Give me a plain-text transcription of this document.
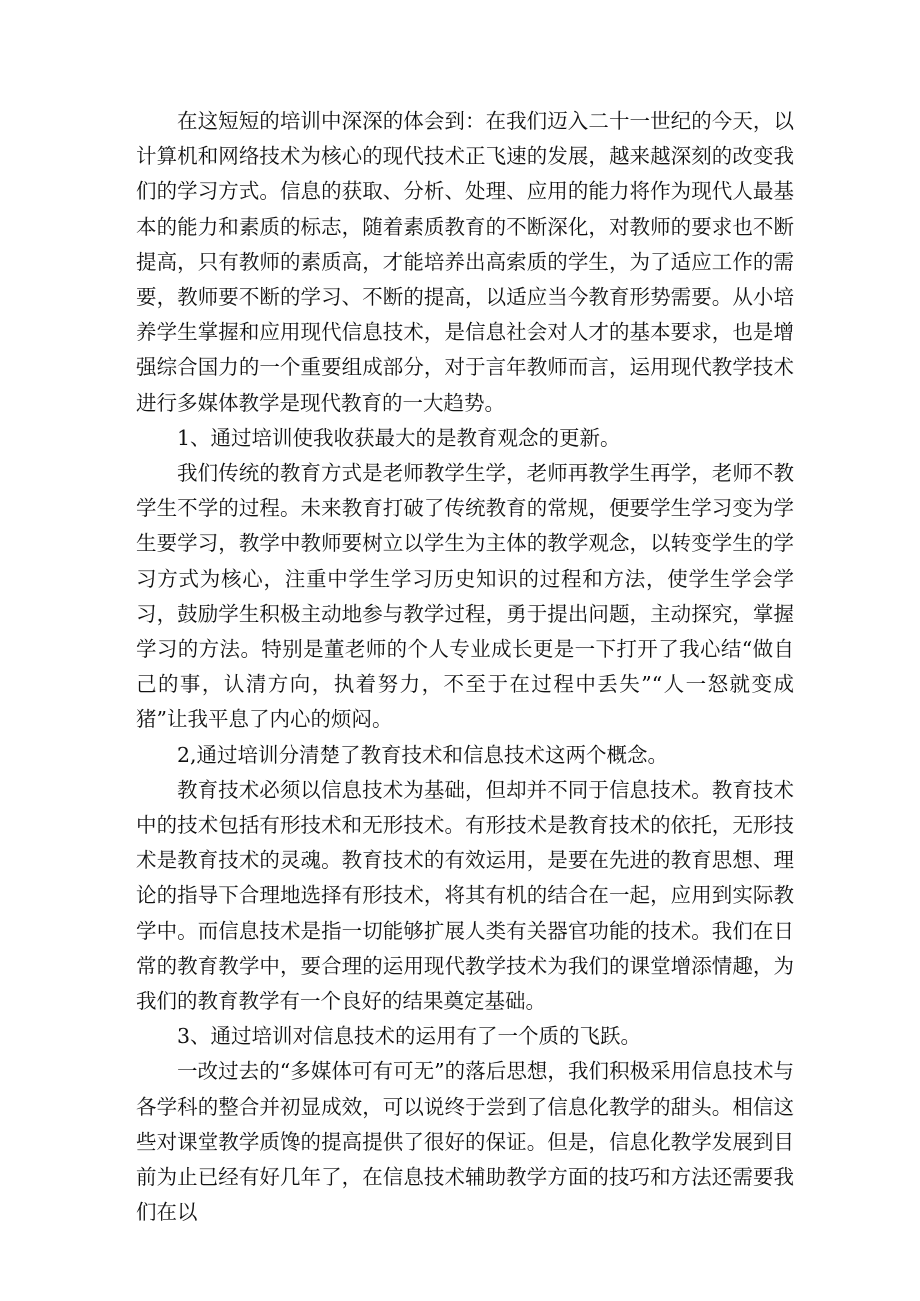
在这短短的培训中深深的体会到：在我们迈入二十一世纪的今天，以计算机和网络技术为核心的现代技术正飞速的发展，越来越深刻的改变我们的学习方式。信息的获取、分析、处理、应用的能力将作为现代人最基本的能力和素质的标志，随着素质教育的不断深化，对教师的要求也不断提高，只有教师的素质高，才能培养出高索质的学生，为了适应工作的需要，教师要不断的学习、不断的提高，以适应当今教育形势需要。从小培养学生掌握和应用现代信息技术，是信息社会对人才的基本要求，也是增强综合国力的一个重要组成部分，对于言年教师而言，运用现代教学技术进行多媒体教学是现代教育的一大趋势。

1、通过培训使我收获最大的是教育观念的更新。

我们传统的教育方式是老师教学生学，老师再教学生再学，老师不教学生不学的过程。未来教育打破了传统教育的常规，便要学生学习变为学生要学习，教学中教师要树立以学生为主体的教学观念，以转变学生的学习方式为核心，注重中学生学习历史知识的过程和方法，使学生学会学习，鼓励学生积极主动地参与教学过程，勇于提出问题，主动探究，掌握学习的方法。特别是董老师的个人专业成长更是一下打开了我心结“做自己的事，认清方向，执着努力，不至于在过程中丢失”“人一怒就变成猪”让我平息了内心的烦闷。

2,通过培训分清楚了教育技术和信息技术这两个概念。

教育技术必须以信息技术为基础，但却并不同于信息技术。教育技术中的技术包括有形技术和无形技术。有形技术是教育技术的依托，无形技术是教育技术的灵魂。教育技术的有效运用，是要在先进的教育思想、理论的指导下合理地选择有形技术，将其有机的结合在一起，应用到实际教学中。而信息技术是指一切能够扩展人类有关器官功能的技术。我们在日常的教育教学中，要合理的运用现代教学技术为我们的课堂增添情趣，为我们的教育教学有一个良好的结果奠定基础。

3、通过培训对信息技术的运用有了一个质的飞跃。

一改过去的“多媒体可有可无”的落后思想，我们积极采用信息技术与各学科的整合并初显成效，可以说终于尝到了信息化教学的甜头。相信这些对课堂教学质馋的提高提供了很好的保证。但是，信息化教学发展到目前为止已经有好几年了，在信息技术辅助教学方面的技巧和方法还需要我们在以
